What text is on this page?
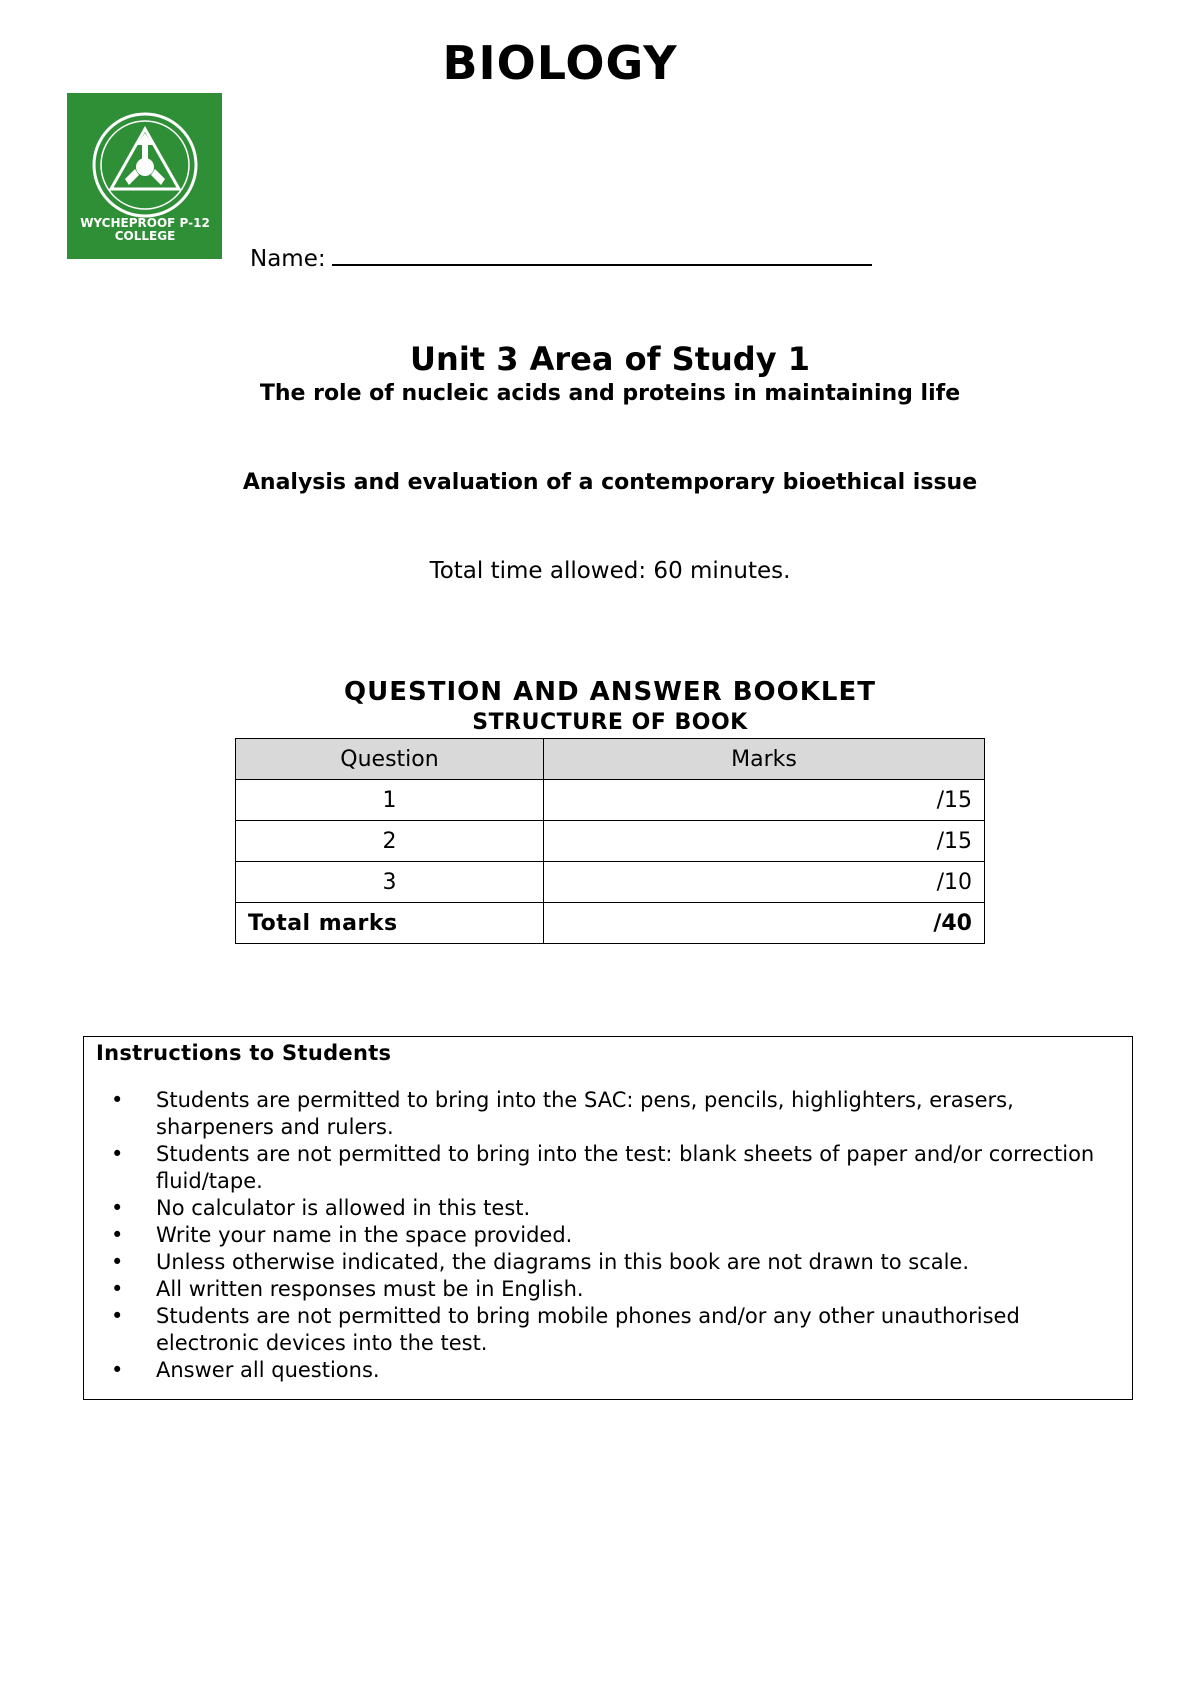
BIOLOGY
WYCHEPROOF P-12
COLLEGE
Name:
Unit 3 Area of Study 1
The role of nucleic acids and proteins in maintaining life
Analysis and evaluation of a contemporary bioethical issue
Total time allowed: 60 minutes.
QUESTION AND ANSWER BOOKLET
STRUCTURE OF BOOK
Question	Marks
1	/15
2	/15
3	/10
Total marks	/40
Instructions to Students
• Students are permitted to bring into the SAC: pens, pencils, highlighters, erasers, sharpeners and rulers.
• Students are not permitted to bring into the test: blank sheets of paper and/or correction fluid/tape.
• No calculator is allowed in this test.
• Write your name in the space provided.
• Unless otherwise indicated, the diagrams in this book are not drawn to scale.
• All written responses must be in English.
• Students are not permitted to bring mobile phones and/or any other unauthorised electronic devices into the test.
• Answer all questions.
